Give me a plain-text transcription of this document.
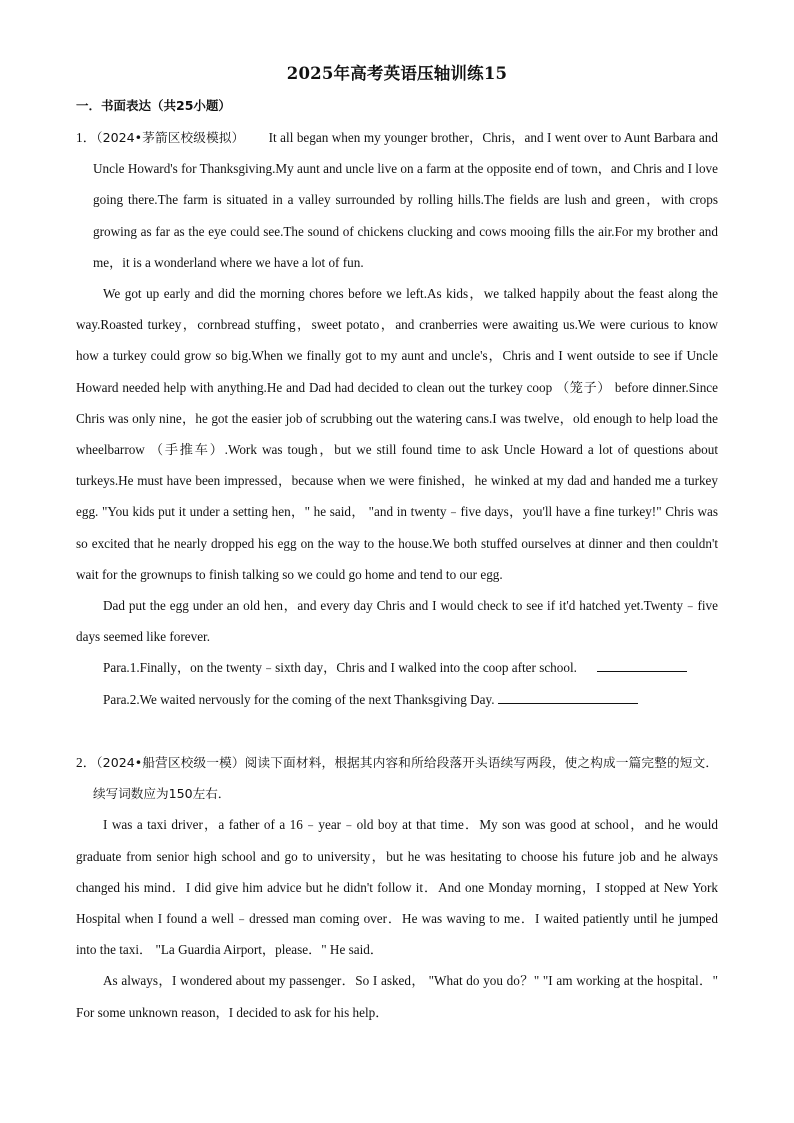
2025年高考英语压轴训练15
一．书面表达（共25小题）

1．（2024•茅箭区校级模拟） It all began when my younger brother，Chris，and I went over to Aunt Barbara and Uncle Howard's for Thanksgiving.My aunt and uncle live on a farm at the opposite end of town，and Chris and I love going there.The farm is situated in a valley surrounded by rolling hills.The fields are lush and green，with crops growing as far as the eye could see.The sound of chickens clucking and cows mooing fills the air.For my brother and me，it is a wonderland where we have a lot of fun.

We got up early and did the morning chores before we left.As kids，we talked happily about the feast along the way.Roasted turkey，cornbread stuffing，sweet potato，and cranberries were awaiting us.We were curious to know how a turkey could grow so big.When we finally got to my aunt and uncle's，Chris and I went outside to see if Uncle Howard needed help with anything.He and Dad had decided to clean out the turkey coop （笼子） before dinner.Since Chris was only nine，he got the easier job of scrubbing out the watering cans.I was twelve，old enough to help load the wheelbarrow （手推车）.Work was tough，but we still found time to ask Uncle Howard a lot of questions about turkeys.He must have been impressed，because when we were finished，he winked at my dad and handed me a turkey egg. "You kids put it under a setting hen，" he said， "and in twenty﹣five days，you'll have a fine turkey!" Chris was so excited that he nearly dropped his egg on the way to the house.We both stuffed ourselves at dinner and then couldn't wait for the grownups to finish talking so we could go home and tend to our egg.

Dad put the egg under an old hen，and every day Chris and I would check to see if it'd hatched yet.Twenty﹣five days seemed like forever.

Para.1.Finally，on the twenty﹣sixth day，Chris and I walked into the coop after school.

Para.2.We waited nervously for the coming of the next Thanksgiving Day.

2．（2024•船营区校级一模）阅读下面材料，根据其内容和所给段落开头语续写两段，使之构成一篇完整的短文．续写词数应为150左右．

I was a taxi driver，a father of a 16﹣year﹣old boy at that time．My son was good at school，and he would graduate from senior high school and go to university，but he was hesitating to choose his future job and he always changed his mind．I did give him advice but he didn't follow it．And one Monday morning，I stopped at New York Hospital when I found a well﹣dressed man coming over．He was waving to me．I waited patiently until he jumped into the taxi． "La Guardia Airport，please．" He said．

As always，I wondered about my passenger．So I asked， "What do you do？" "I am working at the hospital．" For some unknown reason，I decided to ask for his help．
